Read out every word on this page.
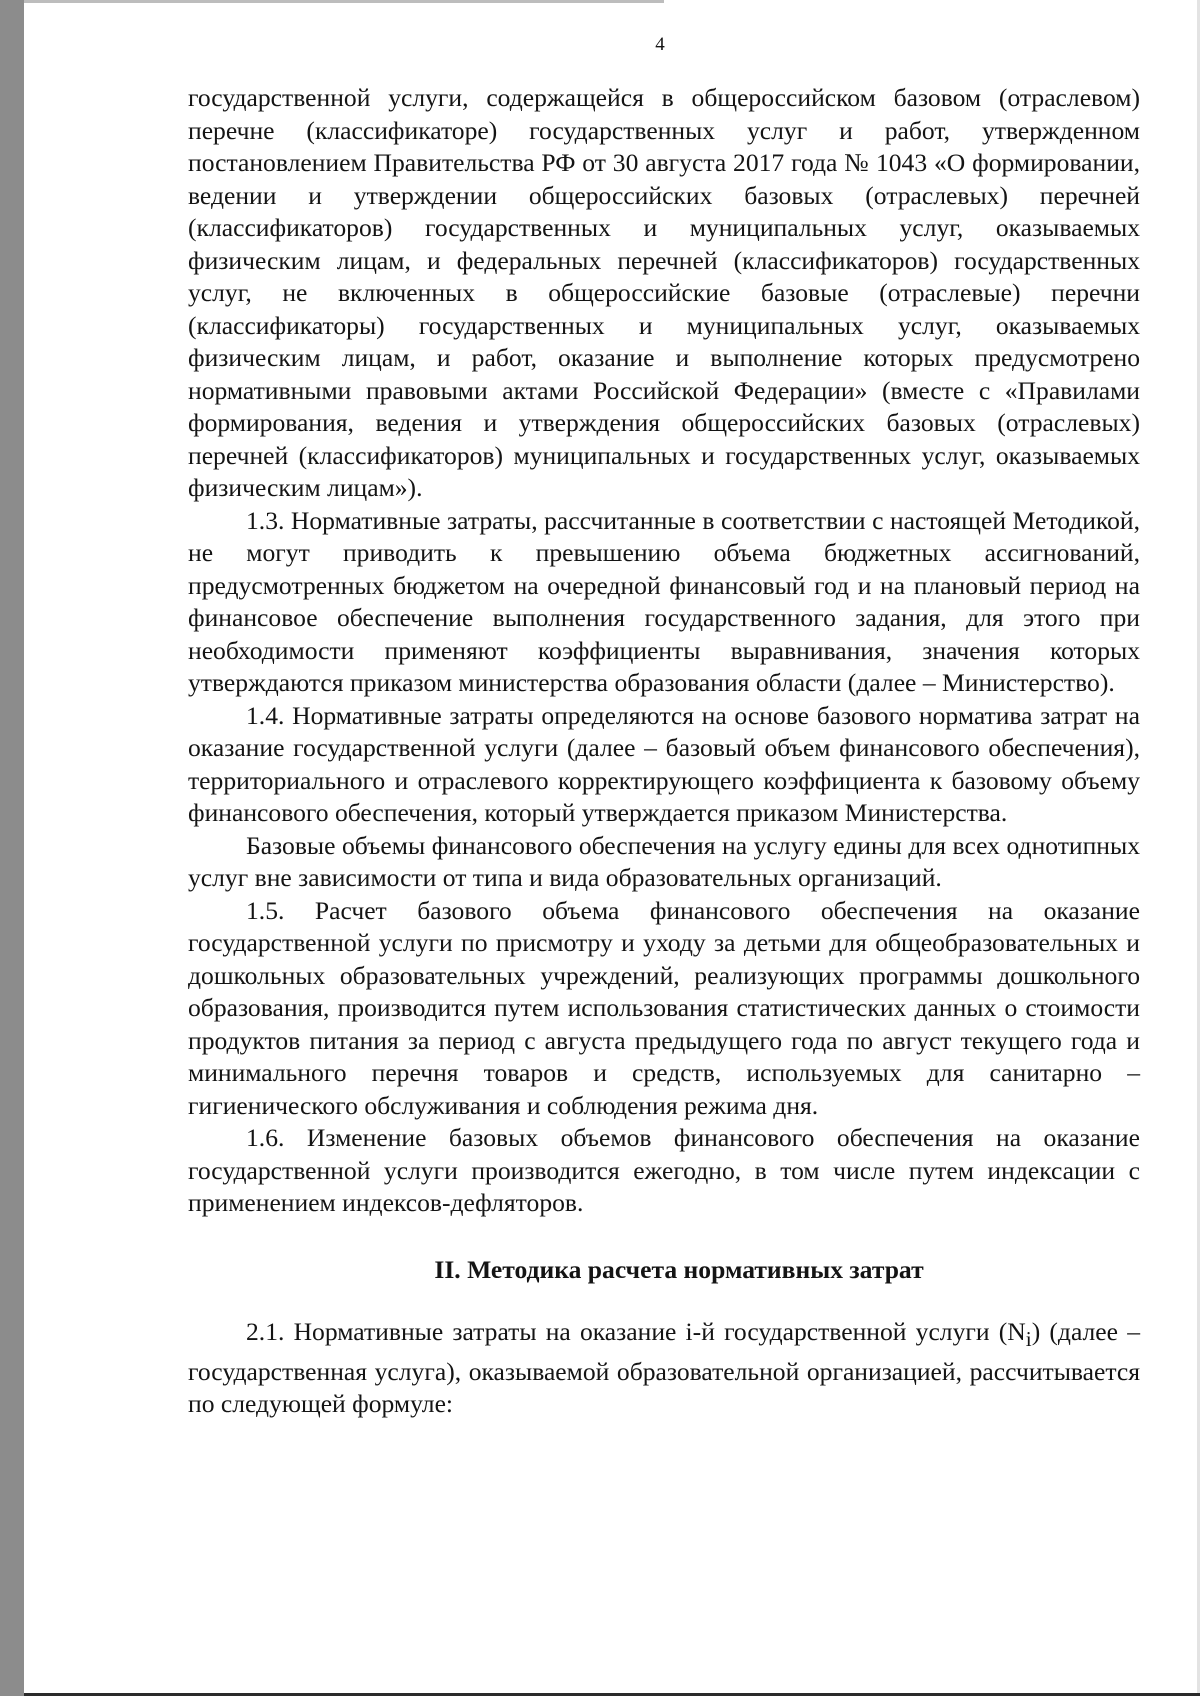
4

государственной услуги, содержащейся в общероссийском базовом (отраслевом) перечне (классификаторе) государственных услуг и работ, утвержденном постановлением Правительства РФ от 30 августа 2017 года № 1043 «О формировании, ведении и утверждении общероссийских базовых (отраслевых) перечней (классификаторов) государственных и муниципальных услуг, оказываемых физическим лицам, и федеральных перечней (классификаторов) государственных услуг, не включенных в общероссийские базовые (отраслевые) перечни (классификаторы) государственных и муниципальных услуг, оказываемых физическим лицам, и работ, оказание и выполнение которых предусмотрено нормативными правовыми актами Российской Федерации» (вместе с «Правилами формирования, ведения и утверждения общероссийских базовых (отраслевых) перечней (классификаторов) муниципальных и государственных услуг, оказываемых физическим лицам»).

1.3. Нормативные затраты, рассчитанные в соответствии с настоящей Методикой, не могут приводить к превышению объема бюджетных ассигнований, предусмотренных бюджетом на очередной финансовый год и на плановый период на финансовое обеспечение выполнения государственного задания, для этого при необходимости применяют коэффициенты выравнивания, значения которых утверждаются приказом министерства образования области (далее – Министерство).

1.4. Нормативные затраты определяются на основе базового норматива затрат на оказание государственной услуги (далее – базовый объем финансового обеспечения), территориального и отраслевого корректирующего коэффициента к базовому объему финансового обеспечения, который утверждается приказом Министерства.

Базовые объемы финансового обеспечения на услугу едины для всех однотипных услуг вне зависимости от типа и вида образовательных организаций.

1.5. Расчет базового объема финансового обеспечения на оказание государственной услуги по присмотру и уходу за детьми для общеобразовательных и дошкольных образовательных учреждений, реализующих программы дошкольного образования, производится путем использования статистических данных о стоимости продуктов питания за период с августа предыдущего года по август текущего года и минимального перечня товаров и средств, используемых для санитарно – гигиенического обслуживания и соблюдения режима дня.

1.6. Изменение базовых объемов финансового обеспечения на оказание государственной услуги производится ежегодно, в том числе путем индексации с применением индексов-дефляторов.

II. Методика расчета нормативных затрат

2.1. Нормативные затраты на оказание i-й государственной услуги $(N_i)$ (далее – государственная услуга), оказываемой образовательной организацией, рассчитывается по следующей формуле:
